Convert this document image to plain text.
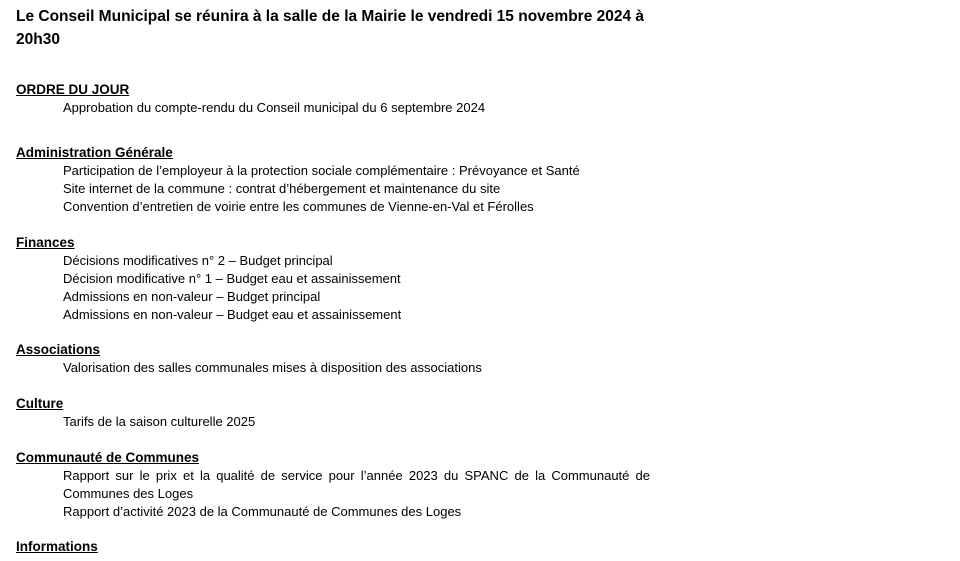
Le Conseil Municipal se réunira à la salle de la Mairie le vendredi 15 novembre 2024 à 20h30

ORDRE DU JOUR
Approbation du compte-rendu du Conseil municipal du 6 septembre 2024
Administration Générale
Participation de l’employeur à la protection sociale complémentaire : Prévoyance et Santé
Site internet de la commune : contrat d’hébergement et maintenance du site
Convention d’entretien de voirie entre les communes de Vienne-en-Val et Férolles
Finances
Décisions modificatives n° 2 – Budget principal
Décision modificative n° 1 – Budget eau et assainissement
Admissions en non-valeur – Budget principal
Admissions en non-valeur – Budget eau et assainissement
Associations
Valorisation des salles communales mises à disposition des associations
Culture
Tarifs de la saison culturelle 2025
Communauté de Communes
Rapport sur le prix et la qualité de service pour l’année 2023 du SPANC de la Communauté de Communes des Loges
Rapport d’activité 2023 de la Communauté de Communes des Loges
Informations
